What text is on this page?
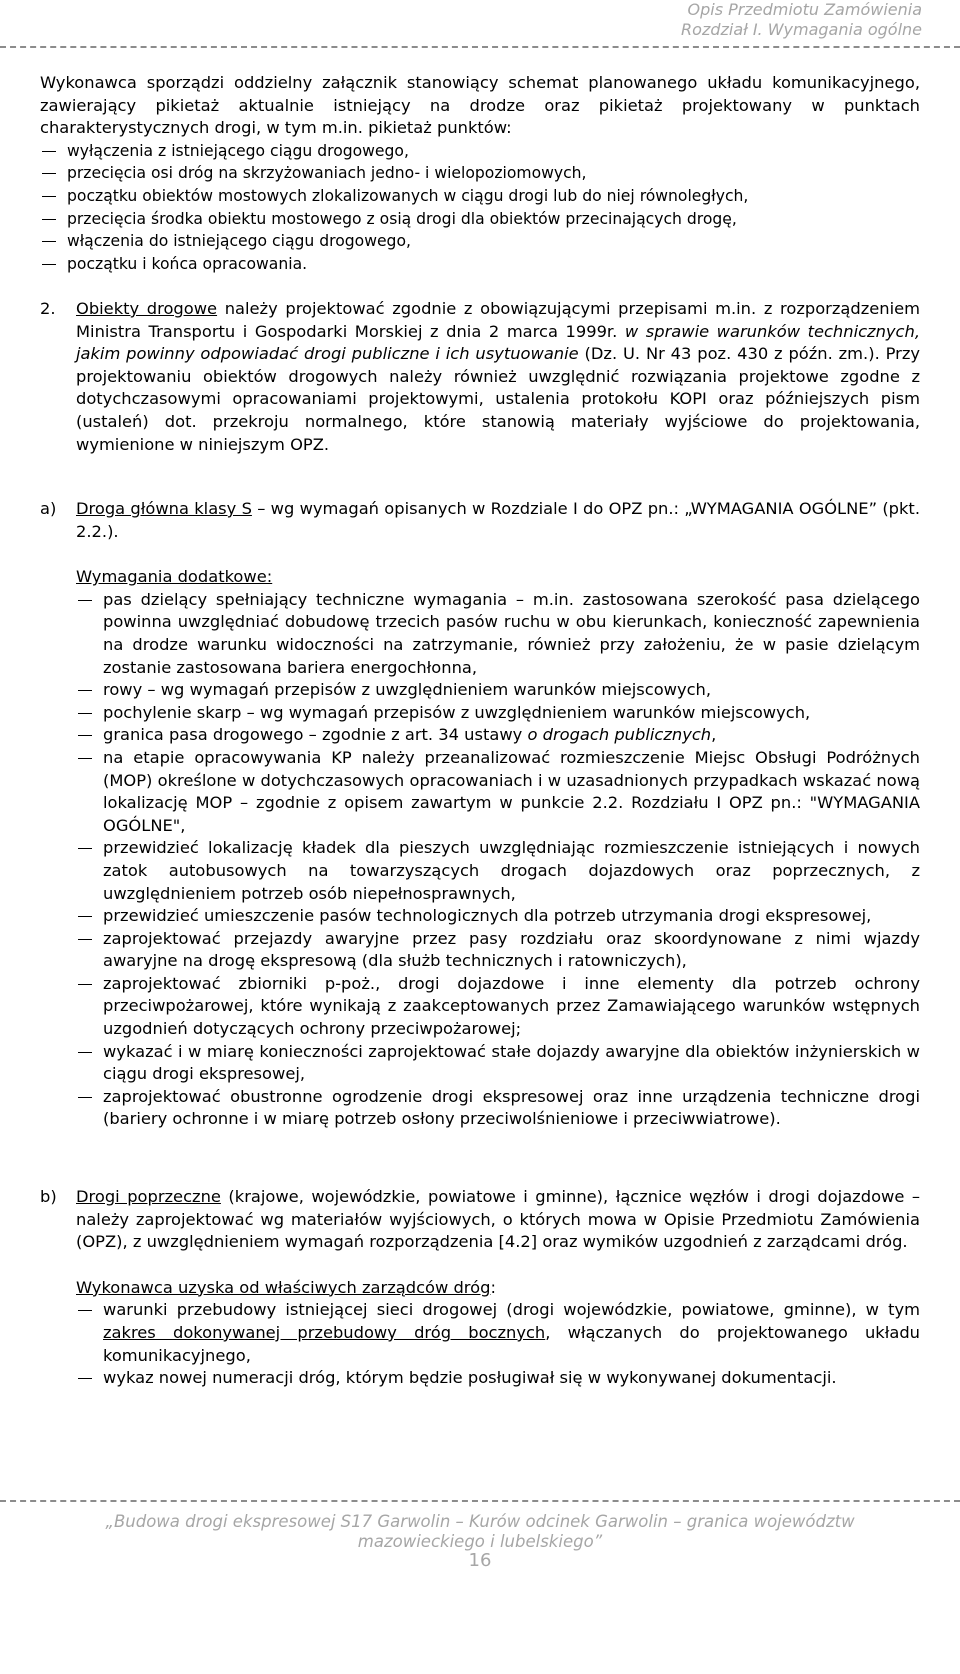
Opis Przedmiotu Zamówienia
Rozdział I. Wymagania ogólne

Wykonawca sporządzi oddzielny załącznik stanowiący schemat planowanego układu komunikacyjnego, zawierający pikietaż aktualnie istniejący na drodze oraz pikietaż projektowany w punktach charakterystycznych drogi, w tym m.in. pikietaż punktów:

wyłączenia z istniejącego ciągu drogowego,
przecięcia osi dróg na skrzyżowaniach jedno- i wielopoziomowych,
początku obiektów mostowych zlokalizowanych w ciągu drogi lub do niej równoległych,
przecięcia środka obiektu mostowego z osią drogi dla obiektów przecinających drogę,
włączenia do istniejącego ciągu drogowego,
początku i końca opracowania.
2.	Obiekty drogowe należy projektować zgodnie z obowiązującymi przepisami m.in. z rozporządzeniem Ministra Transportu i Gospodarki Morskiej z dnia 2 marca 1999r. w sprawie warunków technicznych, jakim powinny odpowiadać drogi publiczne i ich usytuowanie (Dz. U. Nr 43 poz. 430 z późn. zm.). Przy projektowaniu obiektów drogowych należy również uwzględnić rozwiązania projektowe zgodne z dotychczasowymi opracowaniami projektowymi, ustalenia protokołu KOPI oraz późniejszych pism (ustaleń) dot. przekroju normalnego, które stanowią materiały wyjściowe do projektowania, wymienione w niniejszym OPZ.

a)	Droga główna klasy S – wg wymagań opisanych w Rozdziale I do OPZ pn.: „WYMAGANIA OGÓLNE” (pkt. 2.2.).

Wymagania dodatkowe:

pas dzielący spełniający techniczne wymagania – m.in. zastosowana szerokość pasa dzielącego powinna uwzględniać dobudowę trzecich pasów ruchu w obu kierunkach, konieczność zapewnienia na drodze warunku widoczności na zatrzymanie, również przy założeniu, że w pasie dzielącym zostanie zastosowana bariera energochłonna,
rowy – wg wymagań przepisów z uwzględnieniem warunków miejscowych,
pochylenie skarp – wg wymagań przepisów z uwzględnieniem warunków miejscowych,
granica pasa drogowego – zgodnie z art. 34 ustawy o drogach publicznych,
na etapie opracowywania KP należy przeanalizować rozmieszczenie Miejsc Obsługi Podróżnych (MOP) określone w dotychczasowych opracowaniach i w uzasadnionych przypadkach wskazać nową lokalizację MOP – zgodnie z opisem zawartym w punkcie 2.2. Rozdziału I OPZ pn.: "WYMAGANIA OGÓLNE",
przewidzieć lokalizację kładek dla pieszych uwzględniając rozmieszczenie istniejących i nowych zatok autobusowych na towarzyszących drogach dojazdowych oraz poprzecznych, z uwzględnieniem potrzeb osób niepełnosprawnych,
przewidzieć umieszczenie pasów technologicznych dla potrzeb utrzymania drogi ekspresowej,
zaprojektować przejazdy awaryjne przez pasy rozdziału oraz skoordynowane z nimi wjazdy awaryjne na drogę ekspresową (dla służb technicznych i ratowniczych),
zaprojektować zbiorniki p-poż., drogi dojazdowe i inne elementy dla potrzeb ochrony przeciwpożarowej, które wynikają z zaakceptowanych przez Zamawiającego warunków wstępnych uzgodnień dotyczących ochrony przeciwpożarowej;
wykazać i w miarę konieczności zaprojektować stałe dojazdy awaryjne dla obiektów inżynierskich w ciągu drogi ekspresowej,
zaprojektować obustronne ogrodzenie drogi ekspresowej oraz inne urządzenia techniczne drogi (bariery ochronne i w miarę potrzeb osłony przeciwolśnieniowe i przeciwwiatrowe).
b)	Drogi poprzeczne (krajowe, wojewódzkie, powiatowe i gminne), łącznice węzłów i drogi dojazdowe – należy zaprojektować wg materiałów wyjściowych, o których mowa w Opisie Przedmiotu Zamówienia (OPZ), z uwzględnieniem wymagań rozporządzenia [4.2] oraz wymików uzgodnień z zarządcami dróg.

Wykonawca uzyska od właściwych zarządców dróg:

warunki przebudowy istniejącej sieci drogowej (drogi wojewódzkie, powiatowe, gminne), w tym zakres dokonywanej przebudowy dróg bocznych, włączanych do projektowanego układu komunikacyjnego,
wykaz nowej numeracji dróg, którym będzie posługiwał się w wykonywanej dokumentacji.
„Budowa drogi ekspresowej S17 Garwolin – Kurów odcinek Garwolin – granica województw
mazowieckiego i lubelskiego”
16
